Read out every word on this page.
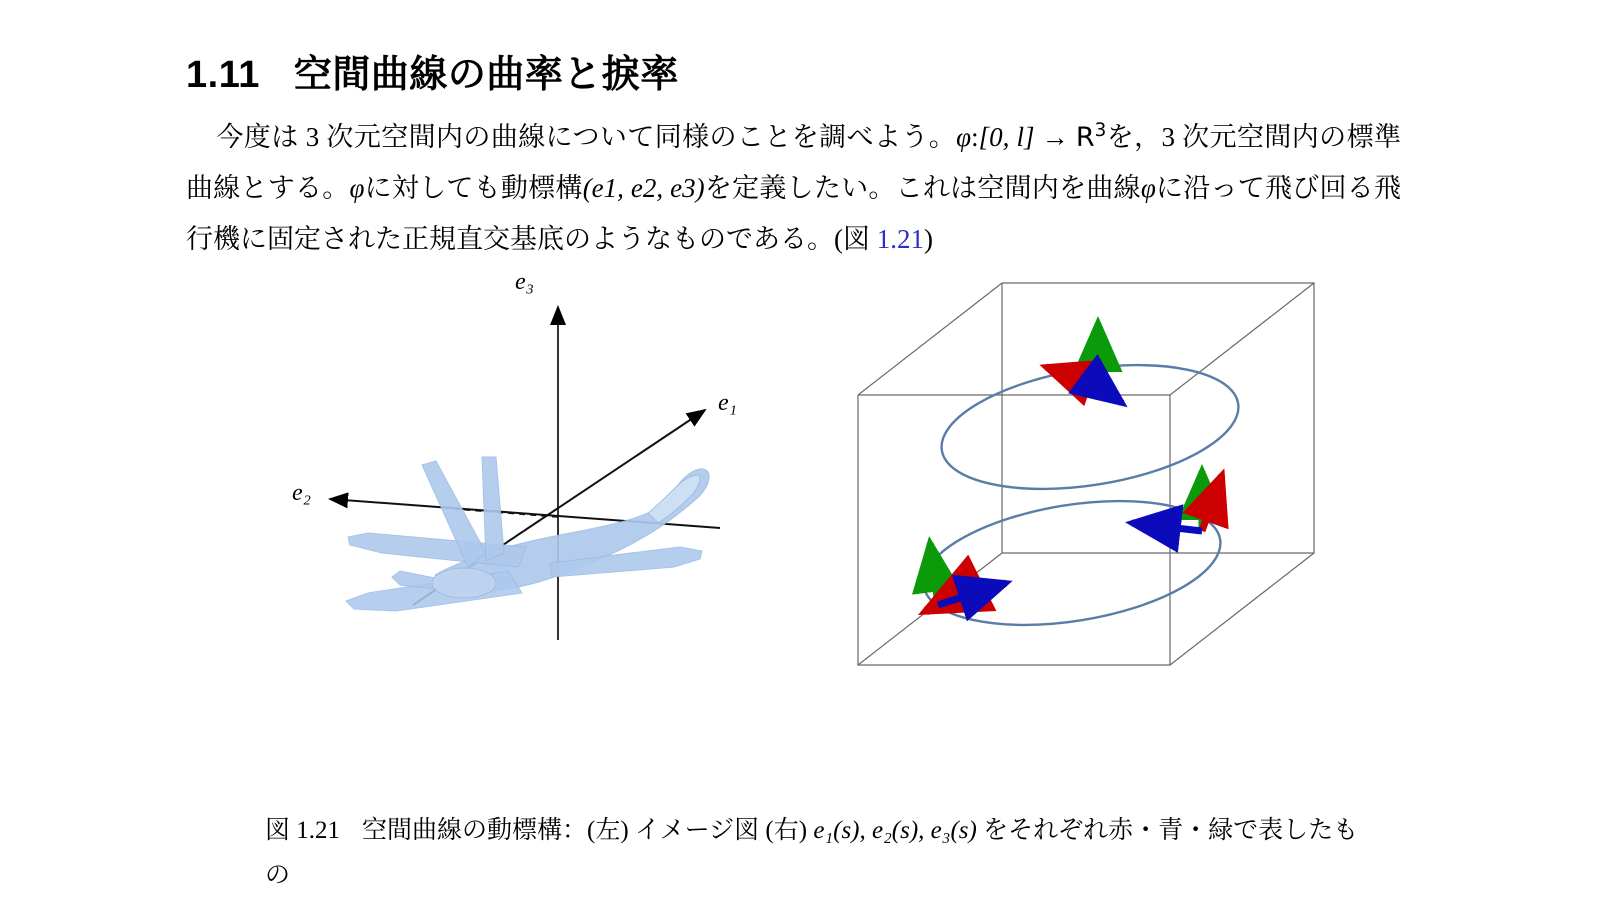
1.11 空間曲線の曲率と捩率
今度は 3 次元空間内の曲線について同様のことを調べよう。φ:[0, $l] \to R^3$を，3 次元空間内の標準曲線とする。φに対しても動標構(e1, e2, e3)を定義したい。これは空間内を曲線φに沿って飛び回る飛行機に固定された正規直交基底のようなものである。(図 1.21)
e₃
e₁
e₂
図 1.21 空間曲線の動標構：(左) イメージ図 (右) e₁(s), e₂(s), e₃(s) をそれぞれ赤・青・緑で表したもの
